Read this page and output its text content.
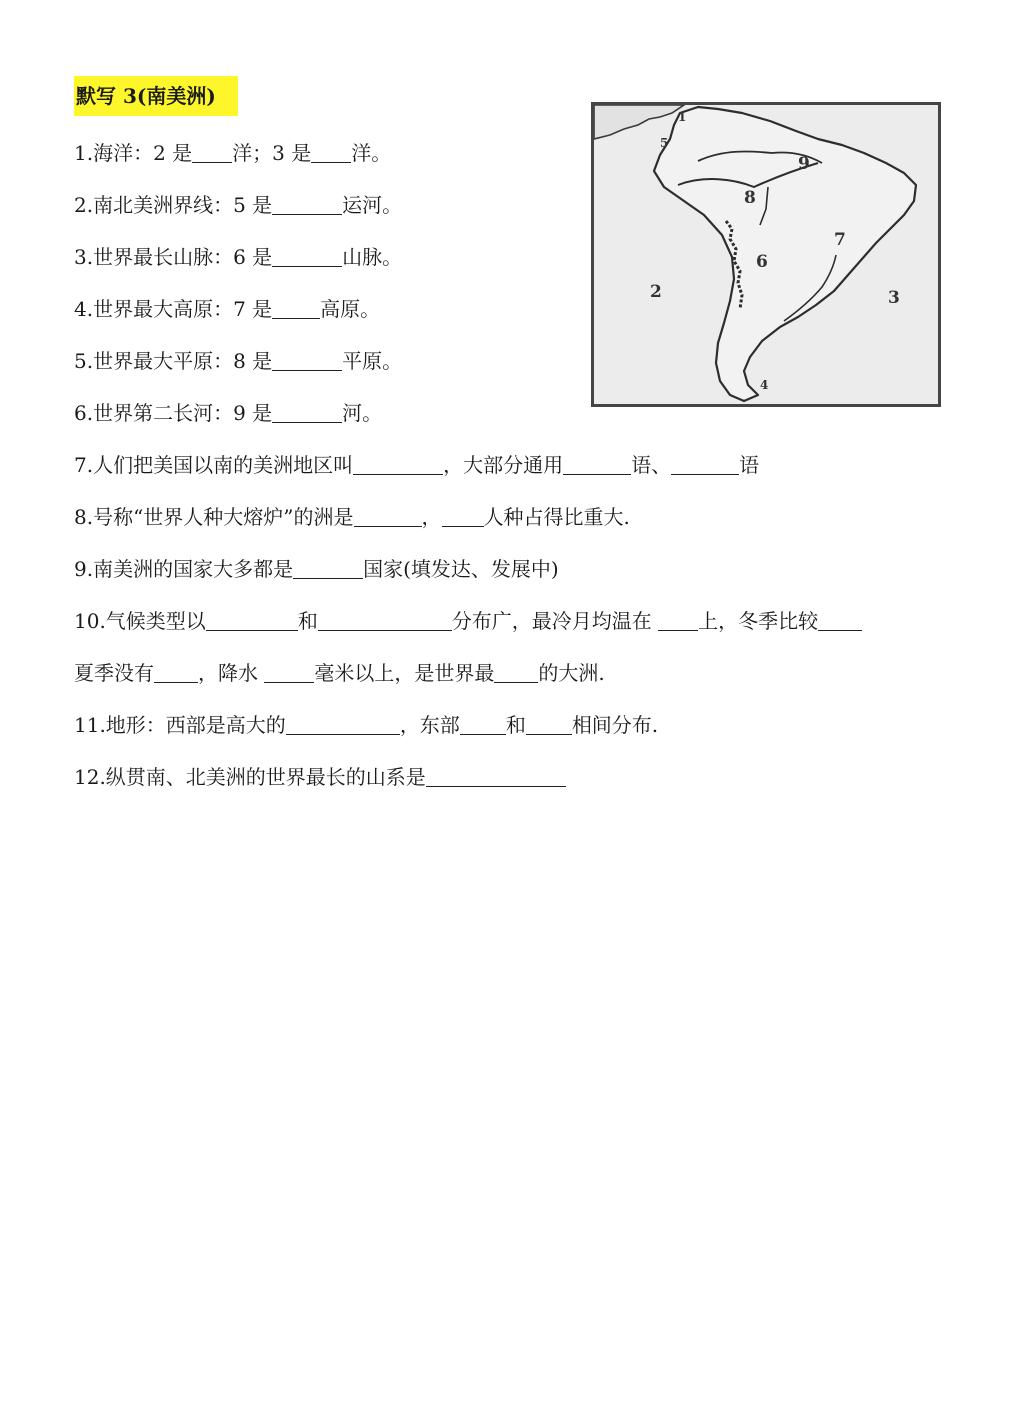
默写 3(南美洲)
1.海洋：2 是 洋；3 是 洋。
2.南北美洲界线：5 是	运河。
3.世界最长山脉：6 是	山脉。
4.世界最大高原：7 是 高原。
5.世界最大平原：8 是	平原。
6.世界第二长河：9 是	河。
7.人们把美国以南的美洲地区叫	，大部分通用	语、	语
8.号称“世界人种大熔炉”的洲是	， 人种占得比重大.
9.南美洲的国家大多都是	国家(填发达、发展中)
10.气候类型以	和	分布广，最冷月均温在 上，冬季比较
夏季没有 ，降水	毫米以上，是世界最 的大洲.
11.地形：西部是高大的	，东部 和 相间分布.
12.纵贯南、北美洲的世界最长的山系是
1
5
9
8
7
6
2	3
4
